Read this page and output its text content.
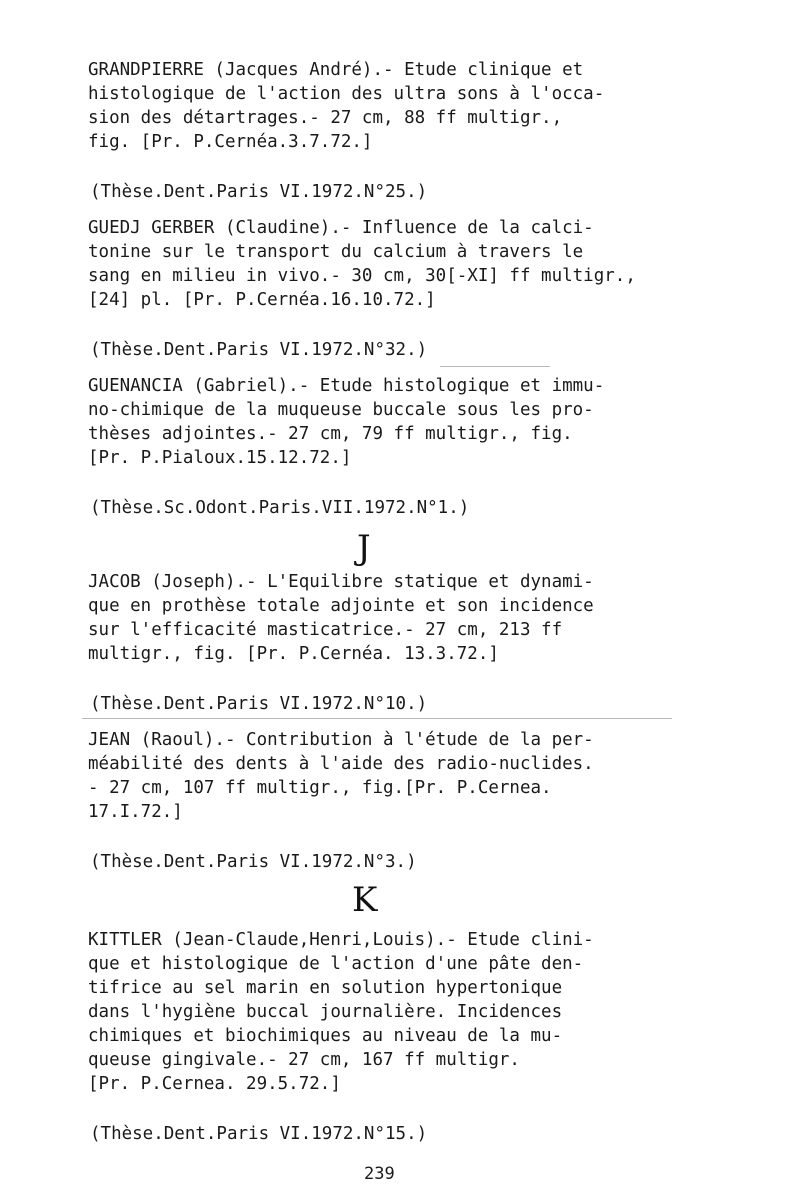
GRANDPIERRE (Jacques André).- Etude clinique et
histologique de l'action des ultra sons à l'occa-
sion des détartrages.- 27 cm, 88 ff multigr.,
fig. [Pr. P.Cernéa.3.7.72.]
(Thèse.Dent.Paris VI.1972.N°25.)
GUEDJ GERBER (Claudine).- Influence de la calci-
tonine sur le transport du calcium à travers le
sang en milieu in vivo.- 30 cm, 30[-XI] ff multigr.,
[24] pl. [Pr. P.Cernéa.16.10.72.]
(Thèse.Dent.Paris VI.1972.N°32.)
GUENANCIA (Gabriel).- Etude histologique et immu-
no-chimique de la muqueuse buccale sous les pro-
thèses adjointes.- 27 cm, 79 ff multigr., fig.
[Pr. P.Pialoux.15.12.72.]
(Thèse.Sc.Odont.Paris.VII.1972.N°1.)
J
JACOB (Joseph).- L'Equilibre statique et dynami-
que en prothèse totale adjointe et son incidence
sur l'efficacité masticatrice.- 27 cm, 213 ff
multigr., fig. [Pr. P.Cernéa. 13.3.72.]
(Thèse.Dent.Paris VI.1972.N°10.)
JEAN (Raoul).- Contribution à l'étude de la per-
méabilité des dents à l'aide des radio-nuclides.
- 27 cm, 107 ff multigr., fig.[Pr. P.Cernea.
17.I.72.]
(Thèse.Dent.Paris VI.1972.N°3.)
K
KITTLER (Jean-Claude,Henri,Louis).- Etude clini-
que et histologique de l'action d'une pâte den-
tifrice au sel marin en solution hypertonique
dans l'hygiène buccal journalière. Incidences
chimiques et biochimiques au niveau de la mu-
queuse gingivale.- 27 cm, 167 ff multigr.
[Pr. P.Cernea. 29.5.72.]
(Thèse.Dent.Paris VI.1972.N°15.)
239
